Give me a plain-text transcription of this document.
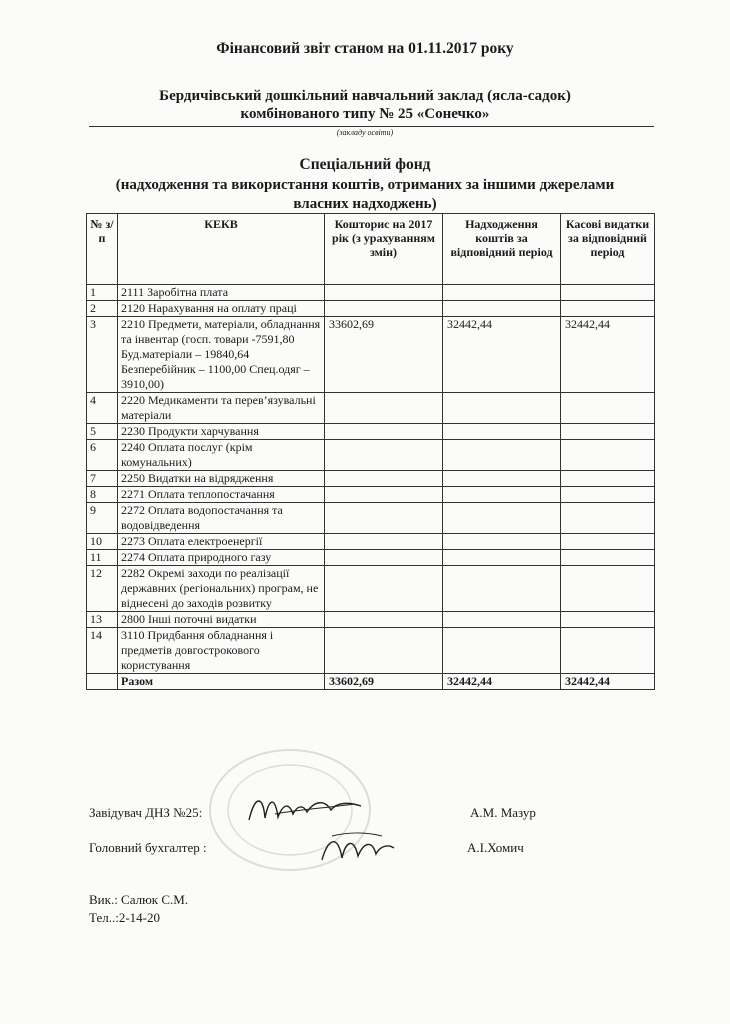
Фінансовий звіт станом на 01.11.2017 року
Бердичівський дошкільний навчальний заклад (ясла-садок)
комбінованого типу № 25 «Сонечко»
(закладу освіти)
Спеціальний фонд
(надходження та використання коштів, отриманих за іншими джерелами
власних надходжень)
№ з/п	КЕКВ	Кошторис на 2017 рік (з урахуванням змін)	Надходження коштів за відповідний період	Касові видатки за відповідний період
1	2111 Заробітна плата			
2	2120 Нарахування на оплату праці			
3	2210 Предмети, матеріали, обладнання та інвентар (госп. товари -7591,80 Буд.матеріали – 19840,64 Безперебійник – 1100,00 Спец.одяг – 3910,00)	33602,69	32442,44	32442,44
4	2220 Медикаменти та перев’язувальні матеріали			
5	2230 Продукти харчування			
6	2240 Оплата послуг (крім комунальних)			
7	2250 Видатки на відрядження			
8	2271 Оплата теплопостачання			
9	2272 Оплата водопостачання та водовідведення			
10	2273 Оплата електроенергії			
11	2274 Оплата природного газу			
12	2282 Окремі заходи по реалізації державних (регіональних) програм, не віднесені до заходів розвитку			
13	2800 Інші поточні видатки			
14	3110 Придбання обладнання і предметів довгострокового користування			
	Разом	33602,69	32442,44	32442,44
Завідувач ДНЗ №25:	А.М. Мазур
Головний бухгалтер :	А.І.Хомич
Вик.: Салюк С.М.
Тел..:2-14-20
